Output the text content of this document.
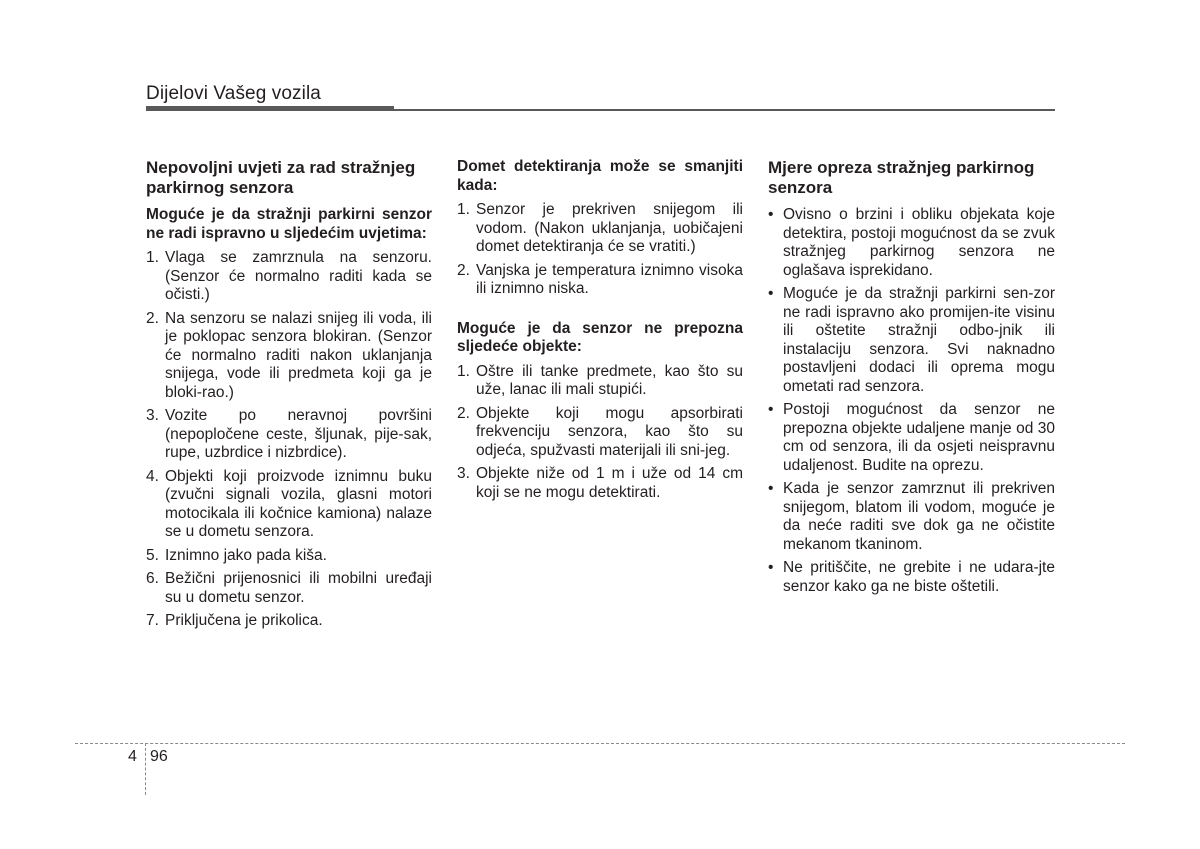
Dijelovi Vašeg vozila
Nepovoljni uvjeti za rad stražnjeg parkirnog senzora
Moguće je da stražnji parkirni senzor ne radi ispravno u sljedećim uvjetima:
1. Vlaga se zamrznula na senzoru. (Senzor će normalno raditi kada se očisti.)
2. Na senzoru se nalazi snijeg ili voda, ili je poklopac senzora blokiran. (Senzor će normalno raditi nakon uklanjanja snijega, vode ili predmeta koji ga je bloki-rao.)
3. Vozite po neravnoj površini (nepopločene ceste, šljunak, pije-sak, rupe, uzbrdice i nizbrdice).
4. Objekti koji proizvode iznimnu buku (zvučni signali vozila, glasni motori motocikala ili kočnice kamiona) nalaze se u dometu senzora.
5. Iznimno jako pada kiša.
6. Bežični prijenosnici ili mobilni uređaji su u dometu senzor.
7. Priključena je prikolica.
Domet detektiranja može se smanjiti kada:
1. Senzor je prekriven snijegom ili vodom. (Nakon uklanjanja, uobičajeni domet detektiranja će se vratiti.)
2. Vanjska je temperatura iznimno visoka ili iznimno niska.
Moguće je da senzor ne prepozna sljedeće objekte:
1. Oštre ili tanke predmete, kao što su uže, lanac ili mali stupići.
2. Objekte koji mogu apsorbirati frekvenciju senzora, kao što su odjeća, spužvasti materijali ili sni-jeg.
3. Objekte niže od 1 m i uže od 14 cm koji se ne mogu detektirati.
Mjere opreza stražnjeg parkirnog senzora
• Ovisno o brzini i obliku objekata koje detektira, postoji mogućnost da se zvuk stražnjeg parkirnog senzora ne oglašava isprekidano.
• Moguće je da stražnji parkirni sen-zor ne radi ispravno ako promijen-ite visinu ili oštetite stražnji odbo-jnik ili instalaciju senzora. Svi naknadno postavljeni dodaci ili oprema mogu ometati rad senzora.
• Postoji mogućnost da senzor ne prepozna objekte udaljene manje od 30 cm od senzora, ili da osjeti neispravnu udaljenost. Budite na oprezu.
• Kada je senzor zamrznut ili prekriven snijegom, blatom ili vodom, moguće je da neće raditi sve dok ga ne očistite mekanom tkaninom.
• Ne pritiščite, ne grebite i ne udara-jte senzor kako ga ne biste oštetili.
4 96
